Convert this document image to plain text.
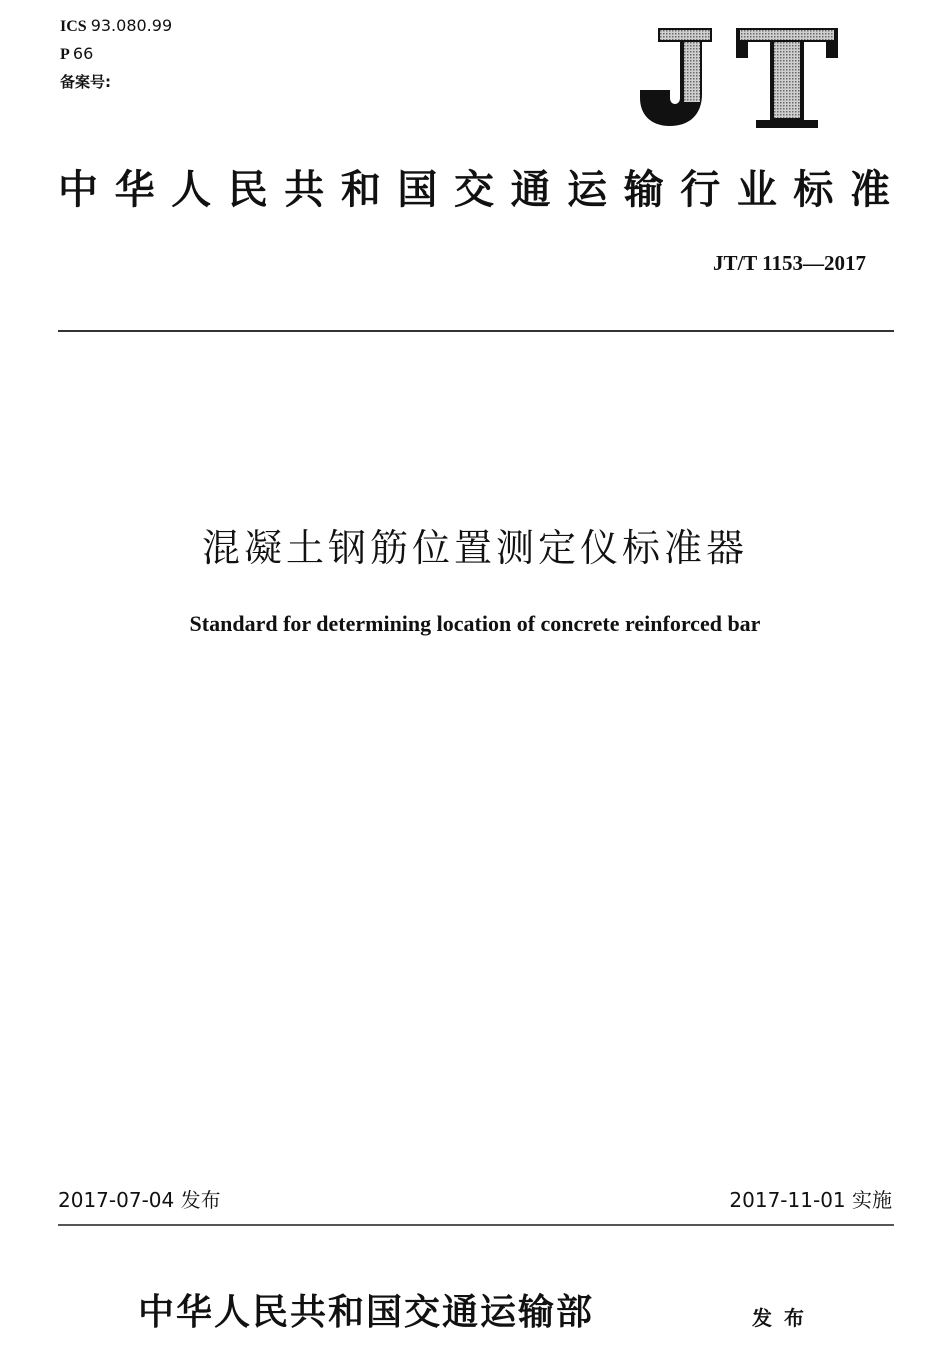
ICS 93.080.99
P 66
备案号:
中华人民共和国交通运输行业标准
JT/T 1153—2017
混凝土钢筋位置测定仪标准器
Standard for determining location of concrete reinforced bar
2017-07-04 发布	2017-11-01 实施
中华人民共和国交通运输部	发布
